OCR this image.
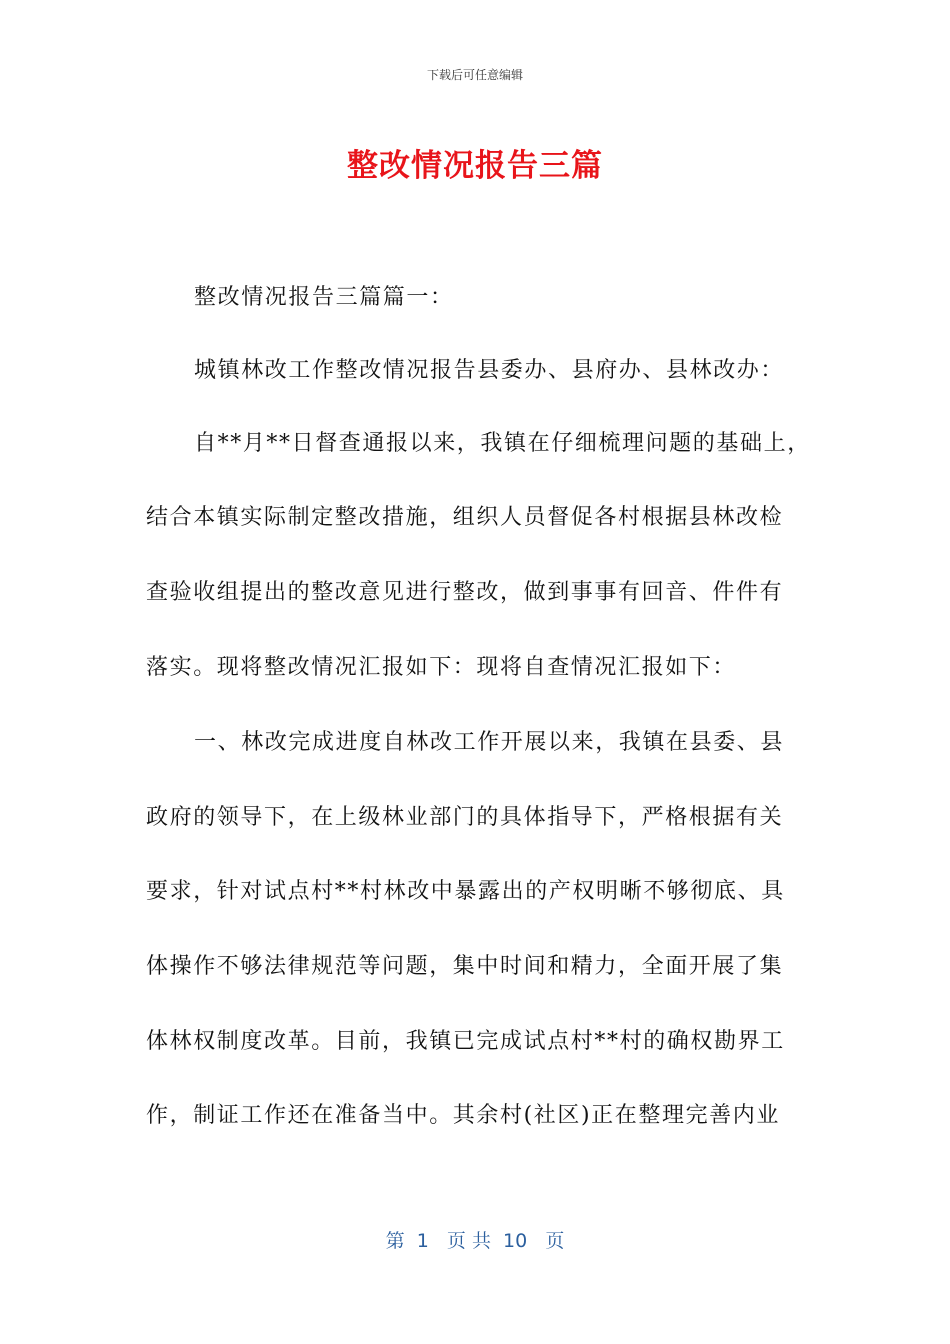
下载后可任意编辑
整改情况报告三篇
整改情况报告三篇篇一：
城镇林改工作整改情况报告县委办、县府办、县林改办：
自**月**日督查通报以来，我镇在仔细梳理问题的基础上，
结合本镇实际制定整改措施，组织人员督促各村根据县林改检
查验收组提出的整改意见进行整改，做到事事有回音、件件有
落实。现将整改情况汇报如下：现将自查情况汇报如下：
一、林改完成进度自林改工作开展以来，我镇在县委、县
政府的领导下，在上级林业部门的具体指导下，严格根据有关
要求，针对试点村**村林改中暴露出的产权明晰不够彻底、具
体操作不够法律规范等问题，集中时间和精力，全面开展了集
体林权制度改革。目前，我镇已完成试点村**村的确权勘界工
作，制证工作还在准备当中。其余村(社区)正在整理完善内业
第  1   页 共  10   页
